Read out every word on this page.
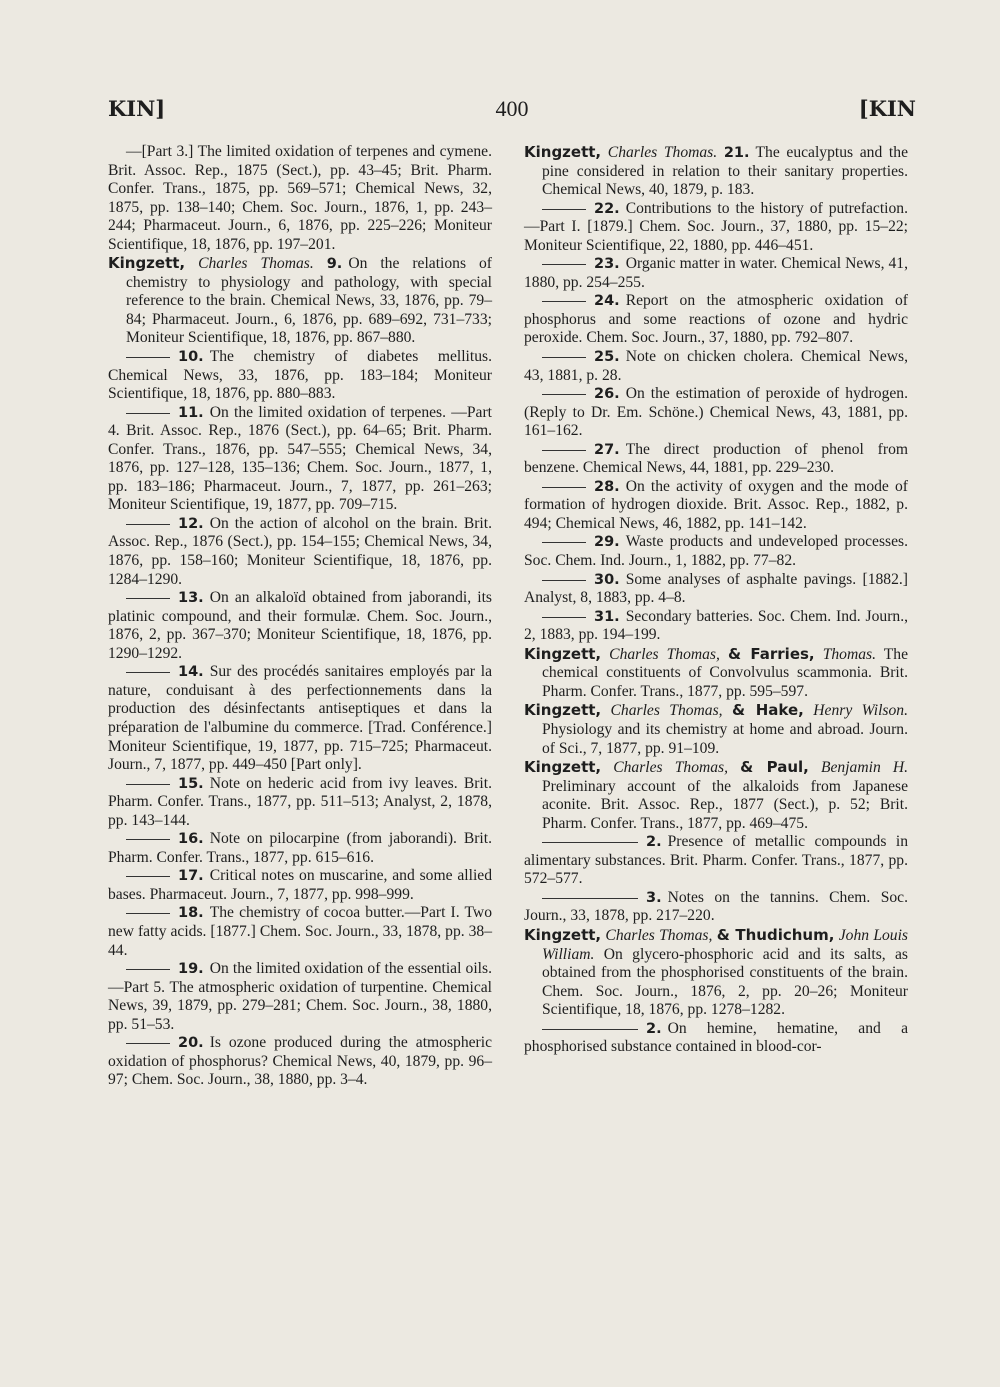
KIN]	400	[KIN
—[Part 3.] The limited oxidation of terpenes and cymene. Brit. Assoc. Rep., 1875 (Sect.), pp. 43–45; Brit. Pharm. Confer. Trans., 1875, pp. 569–571; Chemical News, 32, 1875, pp. 138–140; Chem. Soc. Journ., 1876, 1, pp. 243–244; Pharmaceut. Journ., 6, 1876, pp. 225–226; Moniteur Scientifique, 18, 1876, pp. 197–201.
Kingzett, Charles Thomas. 9. On the relations of chemistry to physiology and pathology, with special reference to the brain. Chemical News, 33, 1876, pp. 79–84; Pharmaceut. Journ., 6, 1876, pp. 689–692, 731–733; Moniteur Scientifique, 18, 1876, pp. 867–880.
10. The chemistry of diabetes mellitus. Chemical News, 33, 1876, pp. 183–184; Moniteur Scientifique, 18, 1876, pp. 880–883.
11. On the limited oxidation of terpenes. —Part 4. Brit. Assoc. Rep., 1876 (Sect.), pp. 64–65; Brit. Pharm. Confer. Trans., 1876, pp. 547–555; Chemical News, 34, 1876, pp. 127–128, 135–136; Chem. Soc. Journ., 1877, 1, pp. 183–186; Pharmaceut. Journ., 7, 1877, pp. 261–263; Moniteur Scientifique, 19, 1877, pp. 709–715.
12. On the action of alcohol on the brain. Brit. Assoc. Rep., 1876 (Sect.), pp. 154–155; Chemical News, 34, 1876, pp. 158–160; Moniteur Scientifique, 18, 1876, pp. 1284–1290.
13. On an alkaloïd obtained from jaborandi, its platinic compound, and their formulæ. Chem. Soc. Journ., 1876, 2, pp. 367–370; Moniteur Scientifique, 18, 1876, pp. 1290–1292.
14. Sur des procédés sanitaires employés par la nature, conduisant à des perfectionnements dans la production des désinfectants antiseptiques et dans la préparation de l'albumine du commerce. [Trad. Conférence.] Moniteur Scientifique, 19, 1877, pp. 715–725; Pharmaceut. Journ., 7, 1877, pp. 449–450 [Part only].
15. Note on hederic acid from ivy leaves. Brit. Pharm. Confer. Trans., 1877, pp. 511–513; Analyst, 2, 1878, pp. 143–144.
16. Note on pilocarpine (from jaborandi). Brit. Pharm. Confer. Trans., 1877, pp. 615–616.
17. Critical notes on muscarine, and some allied bases. Pharmaceut. Journ., 7, 1877, pp. 998–999.
18. The chemistry of cocoa butter.—Part I. Two new fatty acids. [1877.] Chem. Soc. Journ., 33, 1878, pp. 38–44.
19. On the limited oxidation of the essential oils.—Part 5. The atmospheric oxidation of turpentine. Chemical News, 39, 1879, pp. 279–281; Chem. Soc. Journ., 38, 1880, pp. 51–53.
20. Is ozone produced during the atmospheric oxidation of phosphorus? Chemical News, 40, 1879, pp. 96–97; Chem. Soc. Journ., 38, 1880, pp. 3–4.
Kingzett, Charles Thomas. 21. The eucalyptus and the pine considered in relation to their sanitary properties. Chemical News, 40, 1879, p. 183.
22. Contributions to the history of putrefaction.—Part I. [1879.] Chem. Soc. Journ., 37, 1880, pp. 15–22; Moniteur Scientifique, 22, 1880, pp. 446–451.
23. Organic matter in water. Chemical News, 41, 1880, pp. 254–255.
24. Report on the atmospheric oxidation of phosphorus and some reactions of ozone and hydric peroxide. Chem. Soc. Journ., 37, 1880, pp. 792–807.
25. Note on chicken cholera. Chemical News, 43, 1881, p. 28.
26. On the estimation of peroxide of hydrogen. (Reply to Dr. Em. Schöne.) Chemical News, 43, 1881, pp. 161–162.
27. The direct production of phenol from benzene. Chemical News, 44, 1881, pp. 229–230.
28. On the activity of oxygen and the mode of formation of hydrogen dioxide. Brit. Assoc. Rep., 1882, p. 494; Chemical News, 46, 1882, pp. 141–142.
29. Waste products and undeveloped processes. Soc. Chem. Ind. Journ., 1, 1882, pp. 77–82.
30. Some analyses of asphalte pavings. [1882.] Analyst, 8, 1883, pp. 4–8.
31. Secondary batteries. Soc. Chem. Ind. Journ., 2, 1883, pp. 194–199.
Kingzett, Charles Thomas, & Farries, Thomas. The chemical constituents of Convolvulus scammonia. Brit. Pharm. Confer. Trans., 1877, pp. 595–597.
Kingzett, Charles Thomas, & Hake, Henry Wilson. Physiology and its chemistry at home and abroad. Journ. of Sci., 7, 1877, pp. 91–109.
Kingzett, Charles Thomas, & Paul, Benjamin H. Preliminary account of the alkaloids from Japanese aconite. Brit. Assoc. Rep., 1877 (Sect.), p. 52; Brit. Pharm. Confer. Trans., 1877, pp. 469–475.
2. Presence of metallic compounds in alimentary substances. Brit. Pharm. Confer. Trans., 1877, pp. 572–577.
3. Notes on the tannins. Chem. Soc. Journ., 33, 1878, pp. 217–220.
Kingzett, Charles Thomas, & Thudichum, John Louis William. On glycero-phosphoric acid and its salts, as obtained from the phosphorised constituents of the brain. Chem. Soc. Journ., 1876, 2, pp. 20–26; Moniteur Scientifique, 18, 1876, pp. 1278–1282.
2. On hemine, hematine, and a phosphorised substance contained in blood-cor-
